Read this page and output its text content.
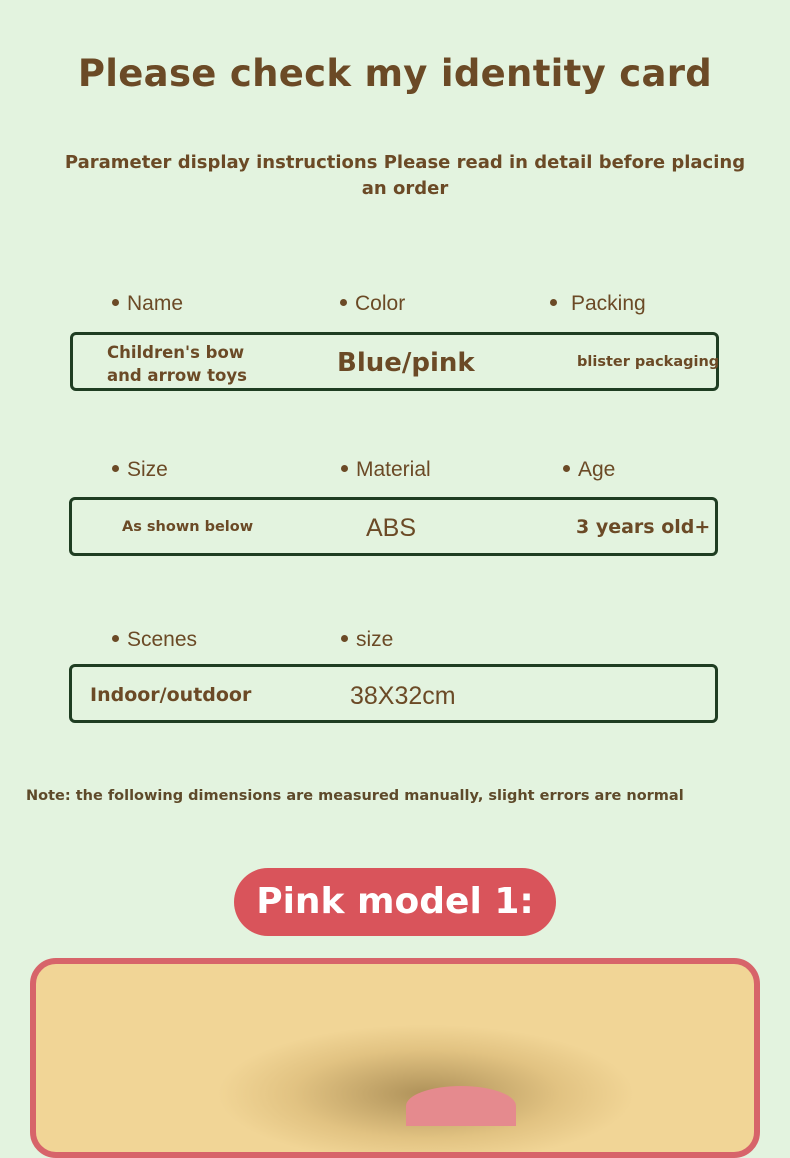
Please check my identity card
Parameter display instructions Please read in detail before placing an order
Name	Color	Packing
Children's bow
and arrow toys	Blue/pink	blister packaging
Size	Material	Age
As shown below	ABS	3 years old+
Scenes	size
Indoor/outdoor	38X32cm
Note: the following dimensions are measured manually, slight errors are normal
Pink model 1:
